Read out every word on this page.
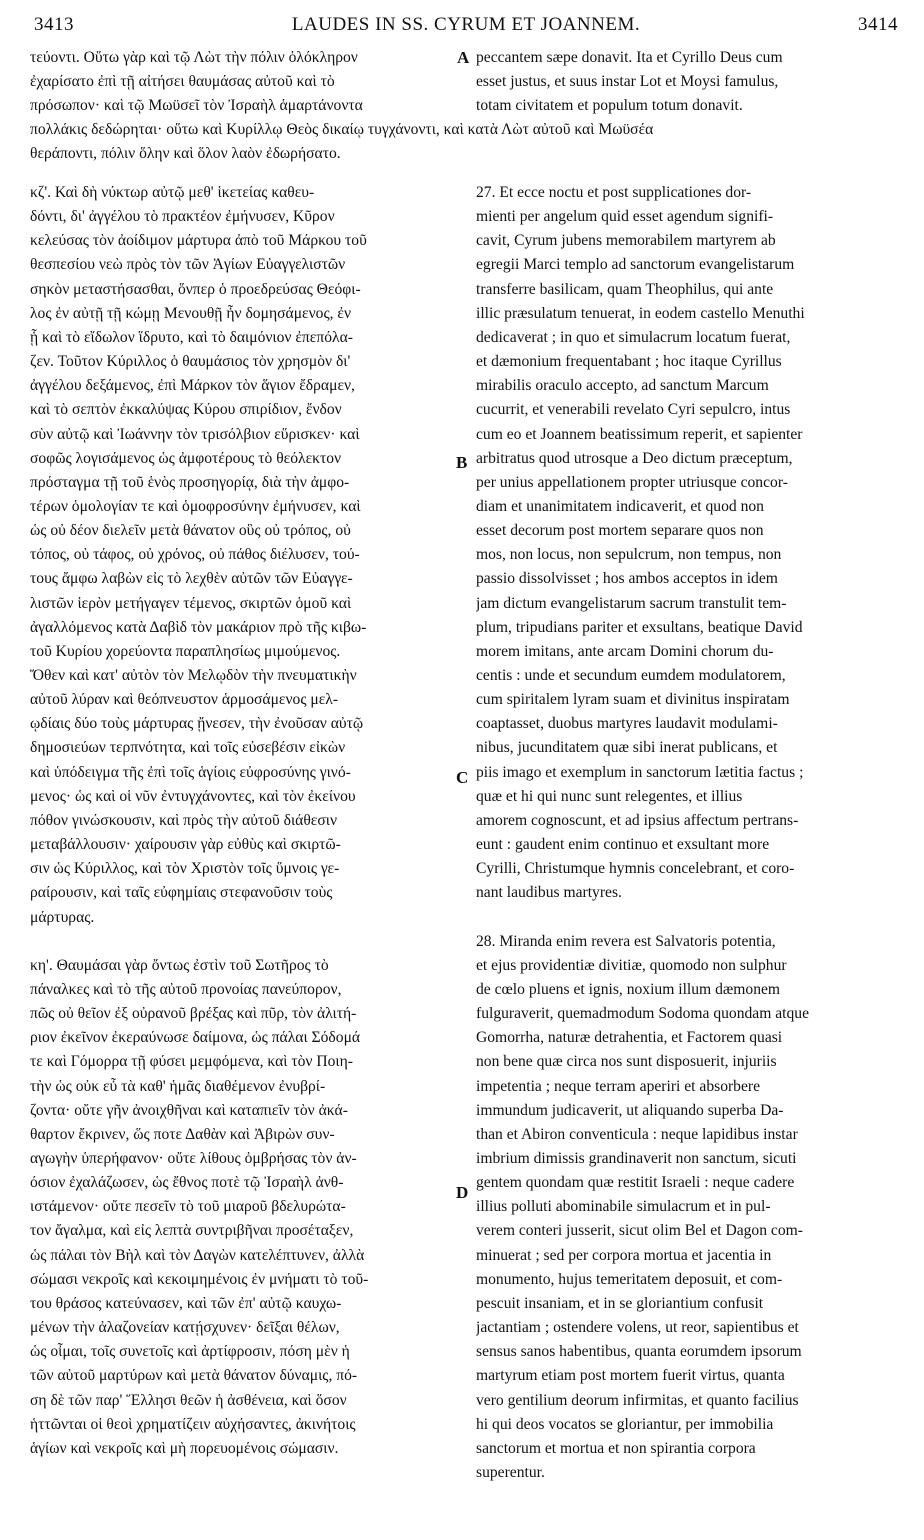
3413	LAUDES IN SS. CYRUM ET JOANNEM.	3414
τεύοντι. Οὕτω γὰρ καὶ τῷ Λὼτ τὴν πόλιν ὁλόκληρον
ἐχαρίσατο ἐπὶ τῇ αἰτήσει θαυμάσας αὐτοῦ καὶ τὸ
πρόσωπον· καὶ τῷ Μωϋσεῖ τὸν Ἰσραὴλ ἁμαρτάνοντα
πολλάκις δεδώρηται· οὕτω καὶ Κυρίλλῳ Θεὸς δικαίῳ τυγχάνοντι, καὶ κατὰ Λὼτ αὐτοῦ καὶ Μωϋσέα
θεράποντι, πόλιν ὅλην καὶ ὅλον λαὸν ἐδωρήσατο.
peccantem sæpe donavit. Ita et Cyrillo Deus cum
esset justus, et suus instar Lot et Moysi famulus,
totam civitatem et populum totum donavit.
κζ'. Καὶ δὴ νύκτωρ αὐτῷ μεθ' ἱκετείας καθευ-
δόντι, δι' ἀγγέλου τὸ πρακτέον ἐμήνυσεν, Κῦρον
κελεύσας τὸν ἀοίδιμον μάρτυρα ἀπὸ τοῦ Μάρκου τοῦ
θεσπεσίου νεὼ πρὸς τὸν τῶν Ἁγίων Εὐαγγελιστῶν
σηκὸν μεταστήσασθαι, ὅνπερ ὁ προεδρεύσας Θεόφι-
λος ἐν αὐτῇ τῇ κώμῃ Μενουθῇ ἦν δομησάμενος, ἐν
ᾗ καὶ τὸ εἴδωλον ἵδρυτο, καὶ τὸ δαιμόνιον ἐπεπόλα-
ζεν. Τοῦτον Κύριλλος ὁ θαυμάσιος τὸν χρησμὸν δι'
ἀγγέλου δεξάμενος, ἐπὶ Μάρκον τὸν ἅγιον ἔδραμεν,
καὶ τὸ σεπτὸν ἐκκαλύψας Κύρου σπιρίδιον, ἔνδον
σὺν αὐτῷ καὶ Ἰωάννην τὸν τρισόλβιον εὕρισκεν· καὶ
σοφῶς λογισάμενος ὡς ἀμφοτέρους τὸ θεόλεκτον
πρόσταγμα τῇ τοῦ ἑνὸς προσηγορίᾳ, διὰ τὴν ἀμφο-
τέρων ὁμολογίαν τε καὶ ὁμοφροσύνην ἐμήνυσεν, καὶ
ὡς οὐ δέον διελεῖν μετὰ θάνατον οὓς οὐ τρόπος, οὐ
τόπος, οὐ τάφος, οὐ χρόνος, οὐ πάθος διέλυσεν, τού-
τους ἄμφω λαβὼν εἰς τὸ λεχθὲν αὐτῶν τῶν Εὐαγγε-
λιστῶν ἱερὸν μετήγαγεν τέμενος, σκιρτῶν ὁμοῦ καὶ
ἀγαλλόμενος κατὰ Δαβὶδ τὸν μακάριον πρὸ τῆς κιβω-
τοῦ Κυρίου χορεύοντα παραπλησίως μιμούμενος.
Ὅθεν καὶ κατ' αὐτὸν τὸν Μελῳδὸν τὴν πνευματικὴν
αὐτοῦ λύραν καὶ θεόπνευστον ἁρμοσάμενος μελ-
ῳδίαις δύο τοὺς μάρτυρας ᾔνεσεν, τὴν ἐνοῦσαν αὐτῷ
δημοσιεύων τερπνότητα, καὶ τοῖς εὐσεβέσιν εἰκὼν
καὶ ὑπόδειγμα τῆς ἐπὶ τοῖς ἁγίοις εὐφροσύνης γινό-
μενος· ὡς καὶ οἱ νῦν ἐντυγχάνοντες, καὶ τὸν ἐκείνου
πόθον γινώσκουσιν, καὶ πρὸς τὴν αὐτοῦ διάθεσιν
μεταβάλλουσιν· χαίρουσιν γὰρ εὐθὺς καὶ σκιρτῶ-
σιν ὡς Κύριλλος, καὶ τὸν Χριστὸν τοῖς ὕμνοις γε-
ραίρουσιν, καὶ ταῖς εὐφημίαις στεφανοῦσιν τοὺς
μάρτυρας.
κη'. Θαυμάσαι γὰρ ὄντως ἐστὶν τοῦ Σωτῆρος τὸ
πάναλκες καὶ τὸ τῆς αὐτοῦ προνοίας πανεύπορον,
πῶς οὐ θεῖον ἐξ οὐρανοῦ βρέξας καὶ πῦρ, τὸν ἀλιτή-
ριον ἐκεῖνον ἐκεραύνωσε δαίμονα, ὡς πάλαι Σόδομά
τε καὶ Γόμορρα τῇ φύσει μεμφόμενα, καὶ τὸν Ποιη-
τὴν ὡς οὐκ εὖ τὰ καθ' ἡμᾶς διαθέμενον ἐνυβρί-
ζοντα· οὔτε γῆν ἀνοιχθῆναι καὶ καταπιεῖν τὸν ἀκά-
θαρτον ἔκρινεν, ὥς ποτε Δαθὰν καὶ Ἀβιρὼν συν-
αγωγὴν ὑπερήφανον· οὔτε λίθους ὀμβρήσας τὸν ἀν-
όσιον ἐχαλάζωσεν, ὡς ἔθνος ποτὲ τῷ Ἰσραὴλ ἀνθ-
ιστάμενον· οὔτε πεσεῖν τὸ τοῦ μιαροῦ βδελυρώτα-
τον ἄγαλμα, καὶ εἰς λεπτὰ συντριβῆναι προσέταξεν,
ὡς πάλαι τὸν Βὴλ καὶ τὸν Δαγὼν κατελέπτυνεν, ἀλλὰ
σώμασι νεκροῖς καὶ κεκοιμημένοις ἐν μνήματι τὸ τοῦ-
του θράσος κατεύνασεν, καὶ τῶν ἐπ' αὐτῷ καυχω-
μένων τὴν ἀλαζονείαν κατῄσχυνεν· δεῖξαι θέλων,
ὡς οἶμαι, τοῖς συνετοῖς καὶ ἀρτίφροσιν, πόση μὲν ἡ
τῶν αὐτοῦ μαρτύρων καὶ μετὰ θάνατον δύναμις, πό-
ση δὲ τῶν παρ' Ἕλλησι θεῶν ἡ ἀσθένεια, καὶ ὅσον
ἡττῶνται οἱ θεοὶ χρηματίζειν αὐχήσαντες, ἀκινήτοις
ἁγίων καὶ νεκροῖς καὶ μὴ πορευομένοις σώμασιν.
27. Et ecce noctu et post supplicationes dor-
mienti per angelum quid esset agendum signifi-
cavit, Cyrum jubens memorabilem martyrem ab
egregii Marci templo ad sanctorum evangelistarum
transferre basilicam, quam Theophilus, qui ante
illic præsulatum tenuerat, in eodem castello Menuthi
dedicaverat ; in quo et simulacrum locatum fuerat,
et dæmonium frequentabant ; hoc itaque Cyrillus
mirabilis oraculo accepto, ad sanctum Marcum
cucurrit, et venerabili revelato Cyri sepulcro, intus
cum eo et Joannem beatissimum reperit, et sapienter
arbitratus quod utrosque a Deo dictum præceptum,
per unius appellationem propter utriusque concor-
diam et unanimitatem indicaverit, et quod non
esset decorum post mortem separare quos non
mos, non locus, non sepulcrum, non tempus, non
passio dissolvisset ; hos ambos acceptos in idem
jam dictum evangelistarum sacrum transtulit tem-
plum, tripudians pariter et exsultans, beatique David
morem imitans, ante arcam Domini chorum du-
centis : unde et secundum eumdem modulatorem,
cum spiritalem lyram suam et divinitus inspiratam
coaptasset, duobus martyres laudavit modulami-
nibus, jucunditatem quæ sibi inerat publicans, et
piis imago et exemplum in sanctorum lætitia factus ;
quæ et hi qui nunc sunt relegentes, et illius
amorem cognoscunt, et ad ipsius affectum pertrans-
eunt : gaudent enim continuo et exsultant more
Cyrilli, Christumque hymnis concelebrant, et coro-
nant laudibus martyres.
28. Miranda enim revera est Salvatoris potentia,
et ejus providentiæ divitiæ, quomodo non sulphur
de cœlo pluens et ignis, noxium illum dæmonem
fulguraverit, quemadmodum Sodoma quondam atque
Gomorrha, naturæ detrahentia, et Factorem quasi
non bene quæ circa nos sunt disposuerit, injuriis
impetentia ; neque terram aperiri et absorbere
immundum judicaverit, ut aliquando superba Da-
than et Abiron conventicula : neque lapidibus instar
imbrium dimissis grandinaverit non sanctum, sicuti
gentem quondam quæ restitit Israeli : neque cadere
illius polluti abominabile simulacrum et in pul-
verem conteri jusserit, sicut olim Bel et Dagon com-
minuerat ; sed per corpora mortua et jacentia in
monumento, hujus temeritatem deposuit, et com-
pescuit insaniam, et in se gloriantium confusit
jactantiam ; ostendere volens, ut reor, sapientibus et
sensus sanos habentibus, quanta eorumdem ipsorum
martyrum etiam post mortem fuerit virtus, quanta
vero gentilium deorum infirmitas, et quanto facilius
hi qui deos vocatos se gloriantur, per immobilia
sanctorum et mortua et non spirantia corpora
superentur.
A
B
C
D
